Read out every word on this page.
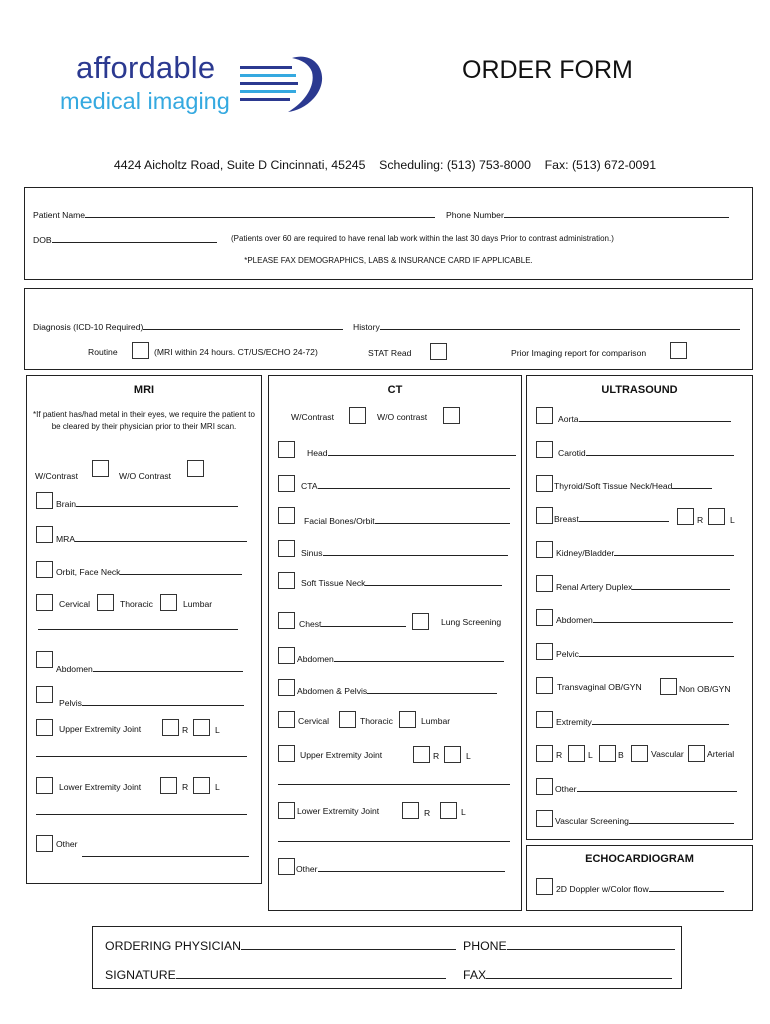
affordable
medical imaging
ORDER FORM
4424 Aicholtz Road, Suite D Cincinnati, 45245 Scheduling: (513) 753-8000 Fax: (513) 672-0091
Patient Name	Phone Number
DOB	(Patients over 60 are required to have renal lab work within the last 30 days Prior to contrast administration.)
*PLEASE FAX DEMOGRAPHICS, LABS & INSURANCE CARD IF APPLICABLE.
Diagnosis (ICD-10 Required)	History
Routine	(MRI within 24 hours. CT/US/ECHO 24-72)	STAT Read	Prior Imaging report for comparison
MRI
*If patient has/had metal in their eyes, we require the patient to be cleared by their physician prior to their MRI scan.
W/Contrast	W/O Contrast
Brain
MRA
Orbit, Face Neck
Cervical	Thoracic	Lumbar
Abdomen
Pelvis
Upper Extremity Joint	R	L
Lower Extremity Joint	R	L
Other
CT
W/Contrast	W/O contrast
Head
CTA
Facial Bones/Orbit
Sinus
Soft Tissue Neck
Chest	Lung Screening
Abdomen
Abdomen & Pelvis
Cervical	Thoracic	Lumbar
Upper Extremity Joint	R	L
Lower Extremity Joint	R	L
Other
ULTRASOUND
Aorta
Carotid
Thyroid/Soft Tissue Neck/Head
Breast	R	L
Kidney/Bladder
Renal Artery Duplex
Abdomen
Pelvic
Transvaginal OB/GYN	Non OB/GYN
Extremity
R	L	B	Vascular	Arterial
Other
Vascular Screening
ECHOCARDIOGRAM
2D Doppler w/Color flow
ORDERING PHYSICIAN	PHONE
SIGNATURE	FAX
